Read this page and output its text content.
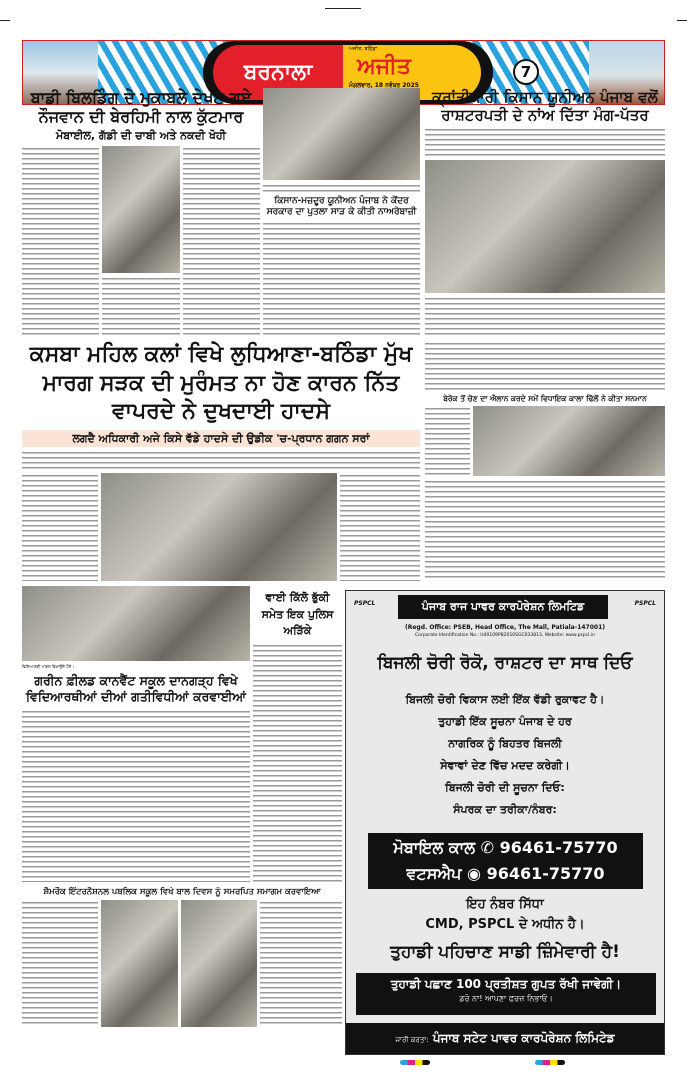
ਬਰਨਾਲਾ
ਅਜੀਤ, ਬਠਿੰਡਾ
ਅਜੀਤ
ਮੰਗਲਵਾਰ, 18 ਨਵੰਬਰ 2025
7
ਬਾਡੀ ਬਿਲਡਿੰਗ ਦੇ ਮੁਕਾਬਲੇ ਦੇਖਣ ਗਏ ਨੌਜਵਾਨ ਦੀ ਬੇਰਹਿਮੀ ਨਾਲ ਕੁੱਟਮਾਰ
ਮੋਬਾਈਲ, ਗੱਡੀ ਦੀ ਚਾਬੀ ਅਤੇ ਨਕਦੀ ਖੋਹੀ
ਕਿਸਾਨ-ਮਜ਼ਦੂਰ ਯੂਨੀਅਨ ਪੰਜਾਬ ਨੇ ਕੇਂਦਰ ਸਰਕਾਰ ਦਾ ਪੁਤਲਾ ਸਾੜ ਕੇ ਕੀਤੀ ਨਾਅਰੇਬਾਜ਼ੀ
ਕ੍ਰਾਂਤੀਕਾਰੀ ਕਿਸਾਨ ਯੂਨੀਅਨ ਪੰਜਾਬ ਵਲੋਂ ਰਾਸ਼ਟਰਪਤੀ ਦੇ ਨਾਂਅ ਦਿੱਤਾ ਮੰਗ-ਪੱਤਰ
ਕਸਬਾ ਮਹਿਲ ਕਲਾਂ ਵਿਖੇ ਲੁਧਿਆਣਾ-ਬਠਿੰਡਾ ਮੁੱਖ ਮਾਰਗ ਸੜਕ ਦੀ ਮੁਰੰਮਤ ਨਾ ਹੋਣ ਕਾਰਨ ਨਿੱਤ ਵਾਪਰਦੇ ਨੇ ਦੁਖਦਾਈ ਹਾਦਸੇ
ਲਗਦੈ ਅਧਿਕਾਰੀ ਅਜੇ ਕਿਸੇ ਵੱਡੇ ਹਾਦਸੇ ਦੀ ਉਡੀਕ 'ਚ-ਪ੍ਰਧਾਨ ਗਗਨ ਸਰਾਂ
ਬੇਰੋਕ ਤੋਂ ਚੋਣ ਦਾ ਐਲਾਨ ਕਰਦੇ ਸਮੇਂ ਵਿਧਾਇਕ ਕਾਲਾ ਢਿੱਲੋਂ ਨੇ ਕੀਤਾ ਸਨਮਾਨ
ਵਿਦਿਆਰਥੀ ਮਾਡਲ ਵਿਖਾਉਂਦੇ ਹੋਏ।
ਗਰੀਨ ਫ਼ੀਲਡ ਕਾਨਵੈਂਟ ਸਕੂਲ ਦਾਨਗੜ੍ਹ ਵਿਖੇ ਵਿਦਿਆਰਥੀਆਂ ਦੀਆਂ ਗਤੀਵਿਧੀਆਂ ਕਰਵਾਈਆਂ
ਵਾਈ ਕਿੱਲੋ ਭੁੱਕੀ ਸਮੇਤ ਇਕ ਪੁਲਿਸ ਅੜਿੱਕੇ
ਸ਼ੈਮਰੌਕ ਇੰਟਰਨੈਸ਼ਨਲ ਪਬਲਿਕ ਸਕੂਲ ਵਿਖੇ ਬਾਲ ਦਿਵਸ ਨੂੰ ਸਮਰਪਿਤ ਸਮਾਗਮ ਕਰਵਾਇਆ
PSPCL	PSPCL
ਪੰਜਾਬ ਰਾਜ ਪਾਵਰ ਕਾਰਪੋਰੇਸ਼ਨ ਲਿਮਟਿਡ
(Regd. Office: PSEB, Head Office, The Mall, Patiala-147001)
Corporate Identification No.: U40109PB2010SGC033813, Website: www.pspcl.in
ਬਿਜਲੀ ਚੋਰੀ ਰੋਕੋ, ਰਾਸ਼ਟਰ ਦਾ ਸਾਥ ਦਿਓ
ਬਿਜਲੀ ਚੋਰੀ ਵਿਕਾਸ ਲਈ ਇੱਕ ਵੱਡੀ ਰੁਕਾਵਟ ਹੈ।
ਤੁਹਾਡੀ ਇੱਕ ਸੂਚਨਾ ਪੰਜਾਬ ਦੇ ਹਰ
ਨਾਗਰਿਕ ਨੂੰ ਬਿਹਤਰ ਬਿਜਲੀ
ਸੇਵਾਵਾਂ ਦੇਣ ਵਿੱਚ ਮਦਦ ਕਰੇਗੀ।
ਬਿਜਲੀ ਚੋਰੀ ਦੀ ਸੂਚਨਾ ਦਿਓ:
ਸੰਪਰਕ ਦਾ ਤਰੀਕਾ/ਨੰਬਰ:
ਮੋਬਾਇਲ ਕਾਲ ✆ 96461-75770
ਵਟਸਐਪ ◉ 96461-75770
ਇਹ ਨੰਬਰ ਸਿੱਧਾ
CMD, PSPCL ਦੇ ਅਧੀਨ ਹੈ।
ਤੁਹਾਡੀ ਪਹਿਚਾਣ ਸਾਡੀ ਜ਼ਿੰਮੇਵਾਰੀ ਹੈ!
ਤੁਹਾਡੀ ਪਛਾਣ 100 ਪ੍ਰਤੀਸ਼ਤ ਗੁਪਤ ਰੱਖੀ ਜਾਵੇਗੀ।
ਡਰੋ ਨਾ! ਆਪਣਾ ਫਰਜ਼ ਨਿਭਾਓ।
ਜਾਰੀ ਕਰਤਾ: ਪੰਜਾਬ ਸਟੇਟ ਪਾਵਰ ਕਾਰਪੋਰੇਸ਼ਨ ਲਿਮਿਟੇਡ
